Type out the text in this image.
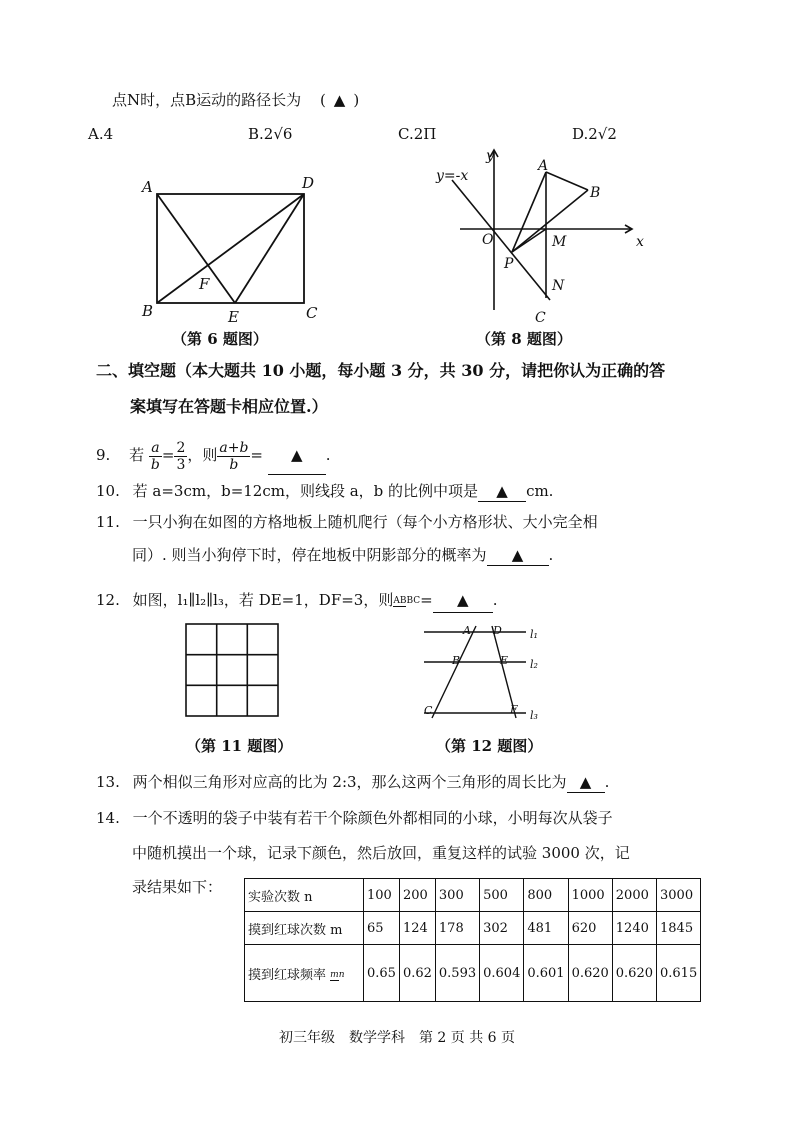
点N时，点B运动的路径长为 ( ▲ )
A.4	B.2√6	C.2Π	D.2√2
A	D
B	C
E
F
（第 6 题图）
y
x
y=-x
O
A
B
M
P
N
C
（第 8 题图）
二、填空题（本大题共 10 小题，每小题 3 分，共 30 分，请把你认为正确的答
案填写在答题卡相应位置.）
9. 若 $\frac{a}{b} = \frac{2}{3}$ ，则 $\frac{a+b}{b}$ = ▲ .
10. 若 a=3cm，b=12cm，则线段 a，b 的比例中项是 ▲ cm.
11. 一只小狗在如图的方格地板上随机爬行（每个小方格形状、大小完全相
同）. 则当小狗停下时，停在地板中阴影部分的概率为 ▲ .
12. 如图，l₁∥l₂∥l₃，若 DE=1，DF=3，则ABBC= ▲ .
（第 11 题图）
A D
B	E
C	F
l₁
l₂
l₃
（第 12 题图）
13. 两个相似三角形对应高的比为 2:3，那么这两个三角形的周长比为 ▲ .
14. 一个不透明的袋子中装有若干个除颜色外都相同的小球，小明每次从袋子
中随机摸出一个球，记录下颜色，然后放回，重复这样的试验 3000 次，记
录结果如下：
实验次数 n	100	200	300	500	800	1000	2000	3000
摸到红球次数 m	65	124	178	302	481	620	1240	1845
摸到红球频率 mn	0.65	0.62	0.593	0.604	0.601	0.620	0.620	0.615
初三年级　数学学科　第 2 页 共 6 页
